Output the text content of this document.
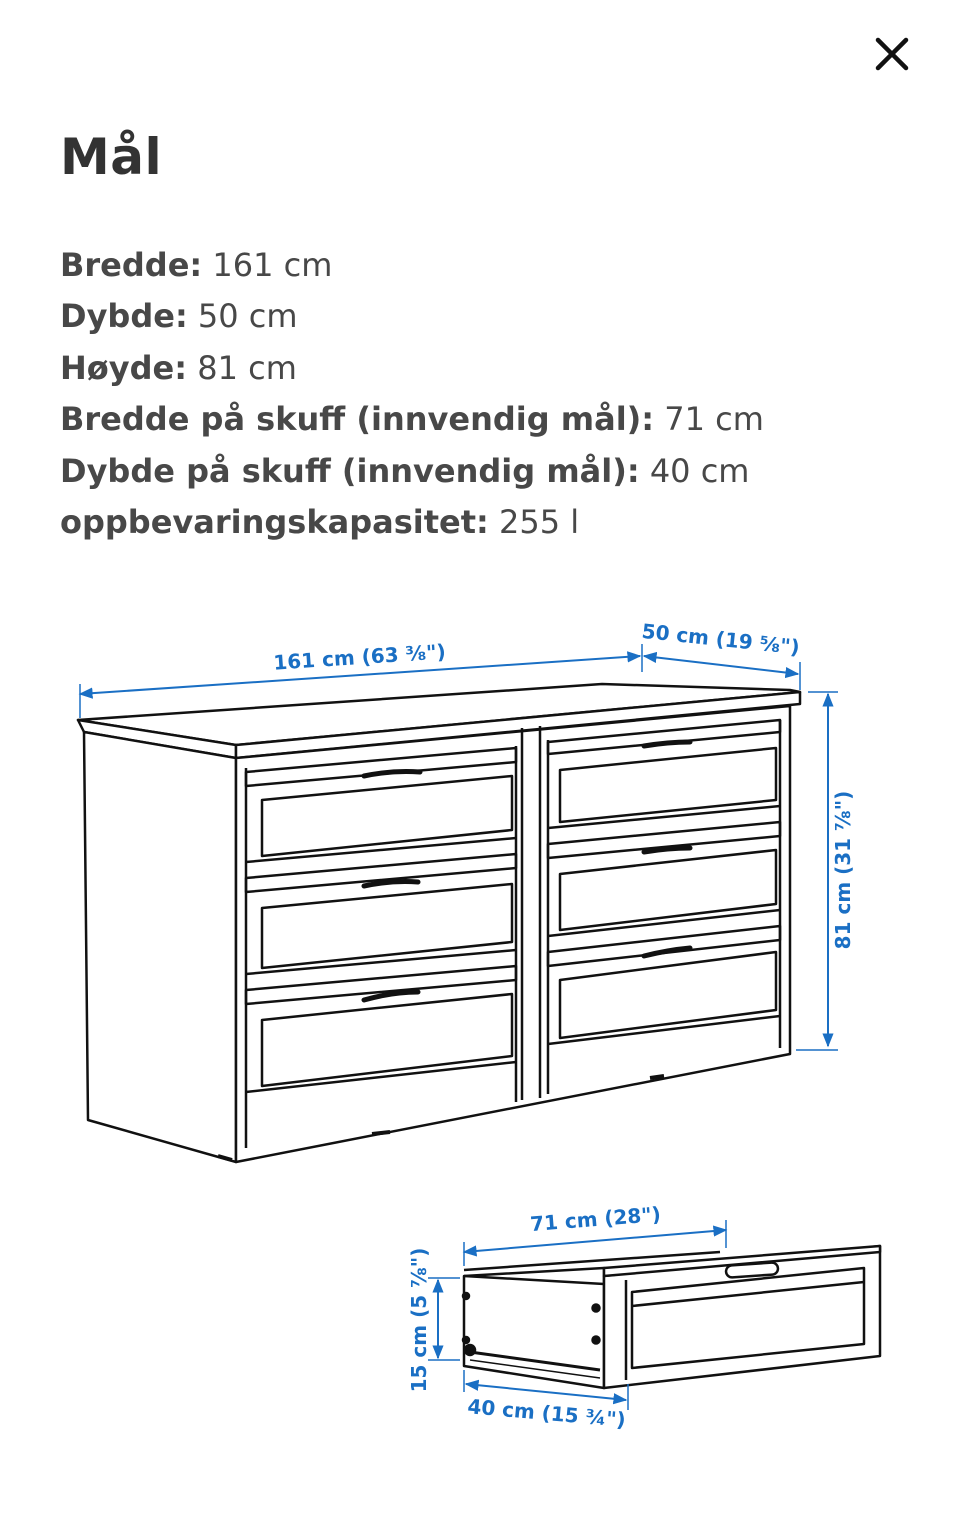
Mål
Bredde: 161 cm
Dybde: 50 cm
Høyde: 81 cm
Bredde på skuff (innvendig mål): 71 cm
Dybde på skuff (innvendig mål): 40 cm
oppbevaringskapasitet: 255 l
161 cm (63 ⅜")	50 cm (19 ⅝")
81 cm (31 ⅞")
71 cm (28")
15 cm (5 ⅞")
40 cm (15 ¾")
